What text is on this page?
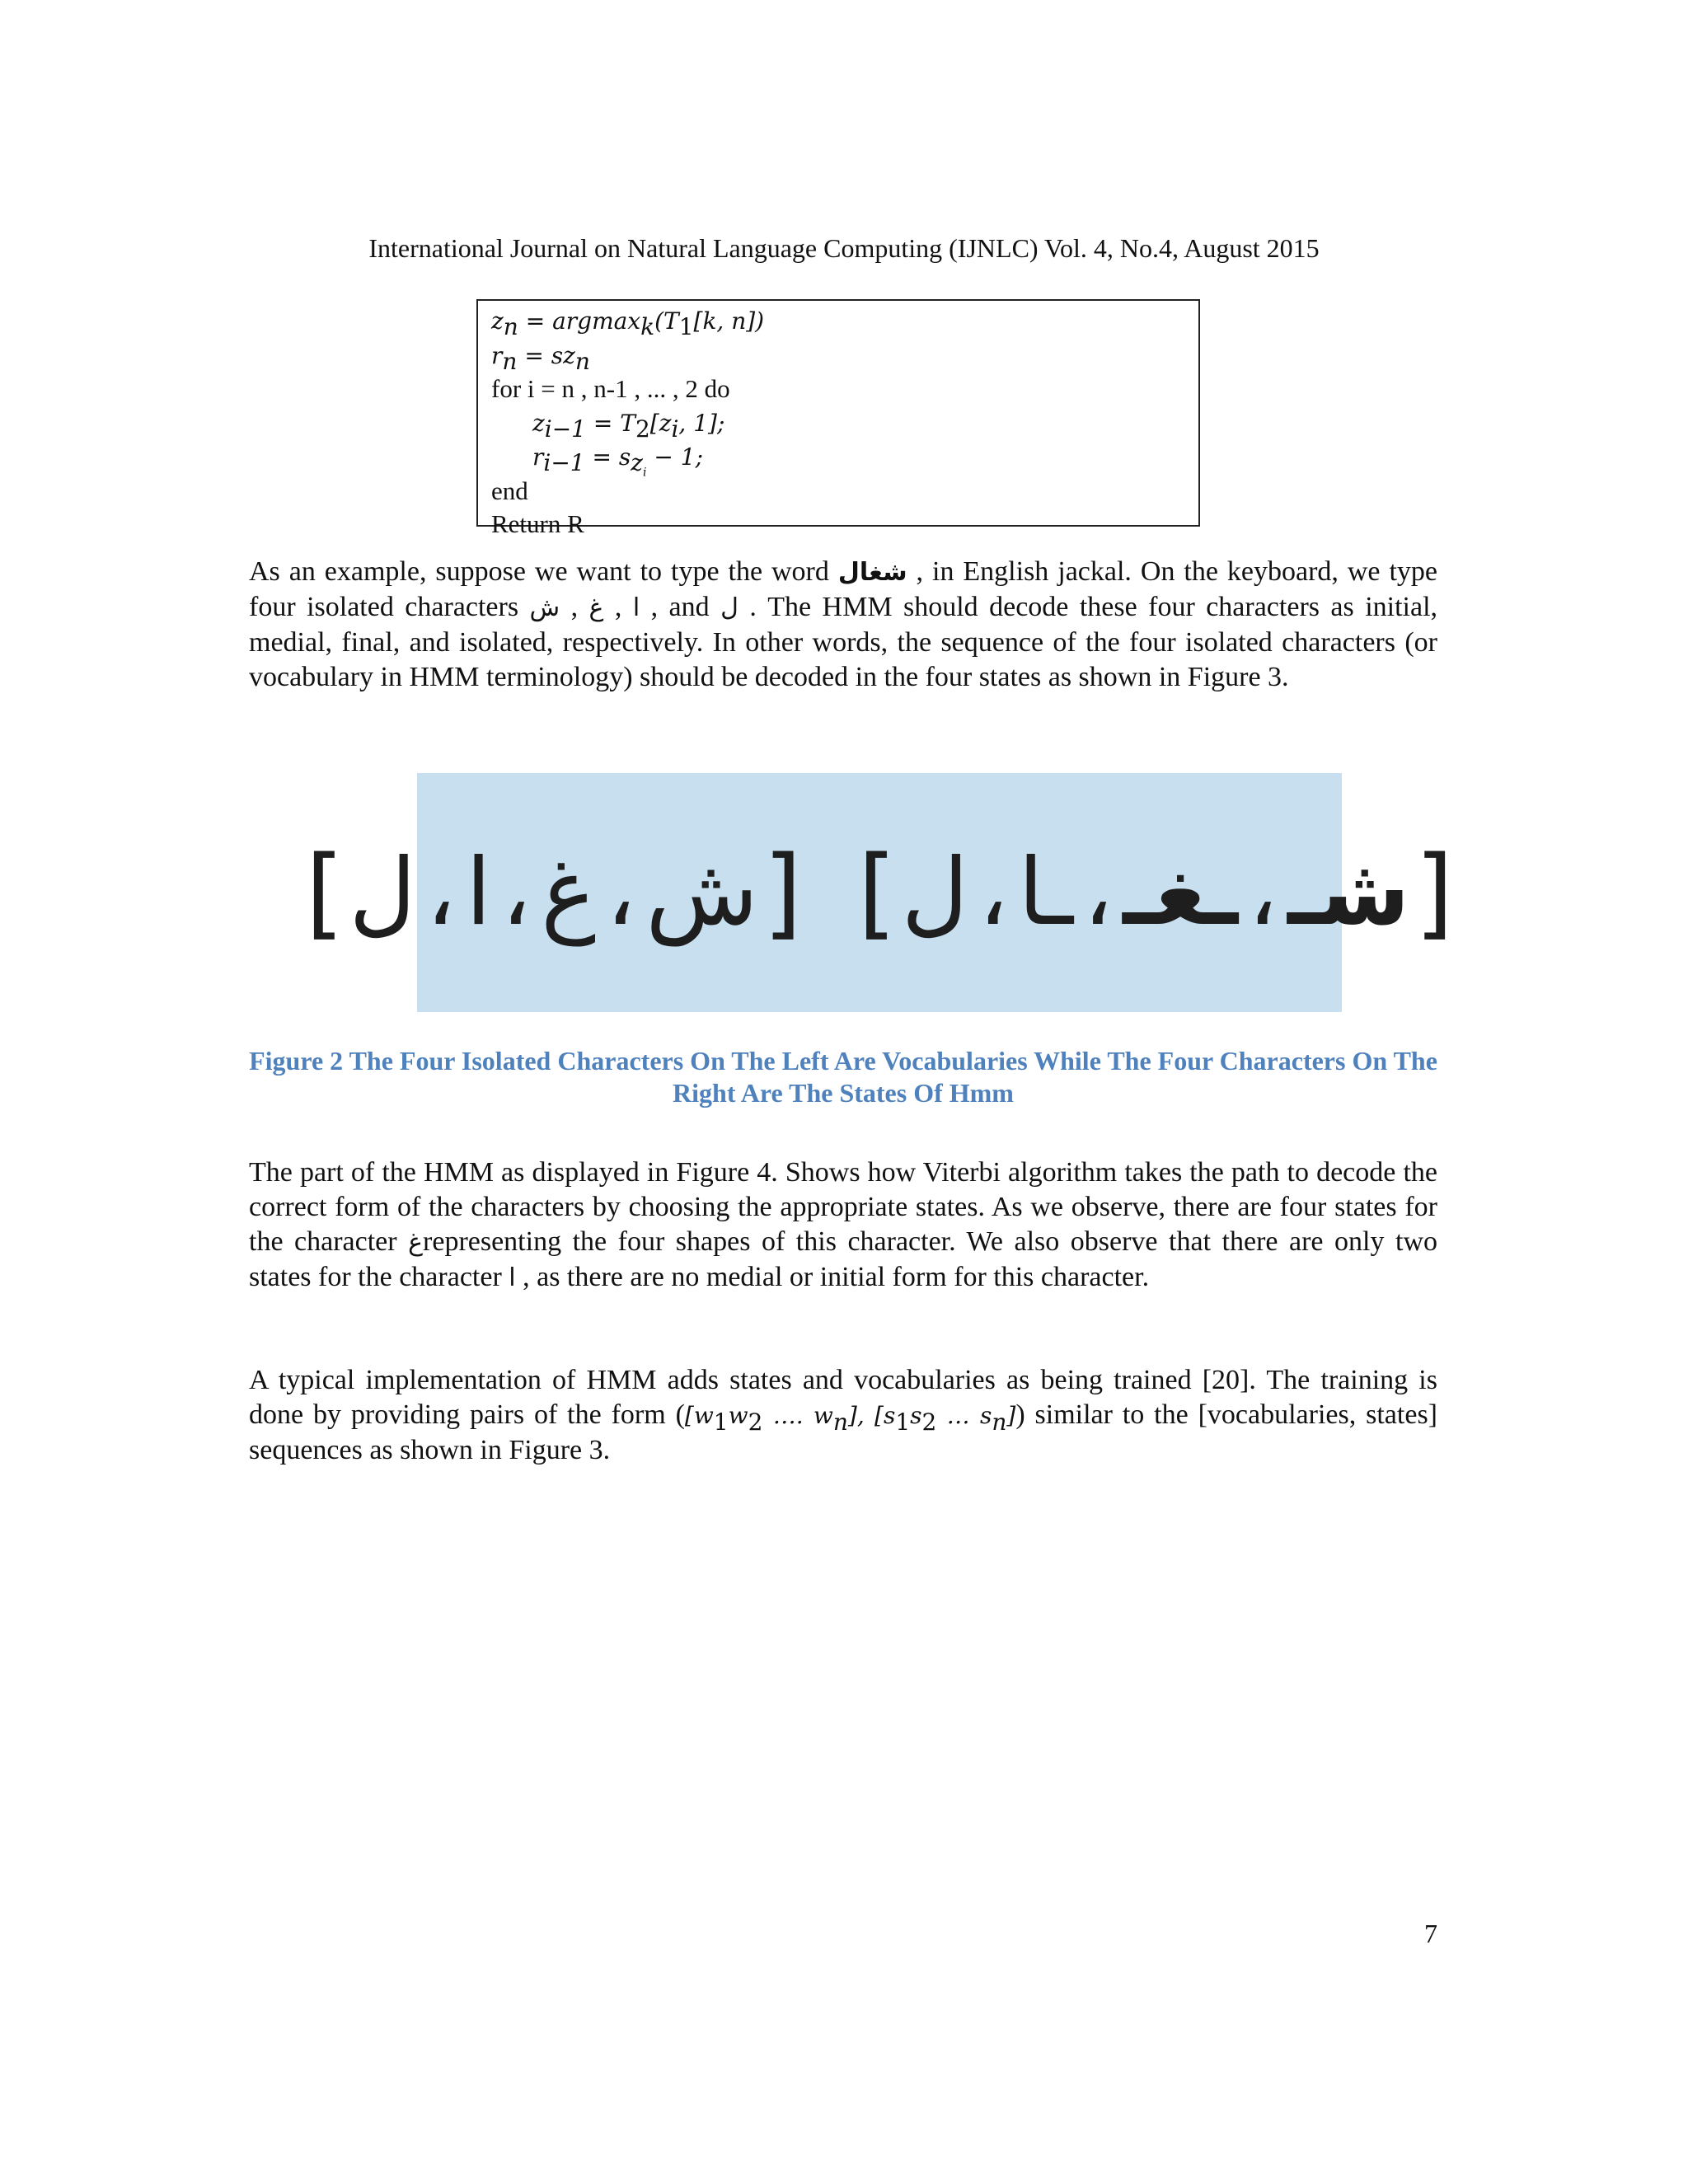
International Journal on Natural Language Computing (IJNLC) Vol. 4, No.4, August 2015
$z_n = argmax_k(T_1[k$, n])
$r_n = sz_n$
for i = n , n-1 , ... , 2 do
$z_{i-1} = T_2[z_i$, 1];
$r_{i-1} = s_{z_i} - 1$;
end
Return R
As an example, suppose we want to type the word شغال , in English jackal. On the keyboard, we type four isolated characters ش , غ , ا , and ل . The HMM should decode these four characters as initial, medial, final, and isolated, respectively. In other words, the sequence of the four isolated characters (or vocabulary in HMM terminology) should be decoded in the four states as shown in Figure 3.
[ ل ، ا ، غ ، ش ] [ ل ، ـا ، ـغـ ، شـ ]
Figure 2 The Four Isolated Characters On The Left Are Vocabularies While The Four Characters On The Right Are The States Of Hmm
The part of the HMM as displayed in Figure 4. Shows how Viterbi algorithm takes the path to decode the correct form of the characters by choosing the appropriate states. As we observe, there are four states for the character غrepresenting the four shapes of this character. We also observe that there are only two states for the character ا , as there are no medial or initial form for this character.
A typical implementation of HMM adds states and vocabularies as being trained [20]. The training is done by providing pairs of the form ([$w_1w_2$ …. $w_n$], [$s_1s_2$ … $s_n$]) similar to the [vocabularies, states] sequences as shown in Figure 3.
7
